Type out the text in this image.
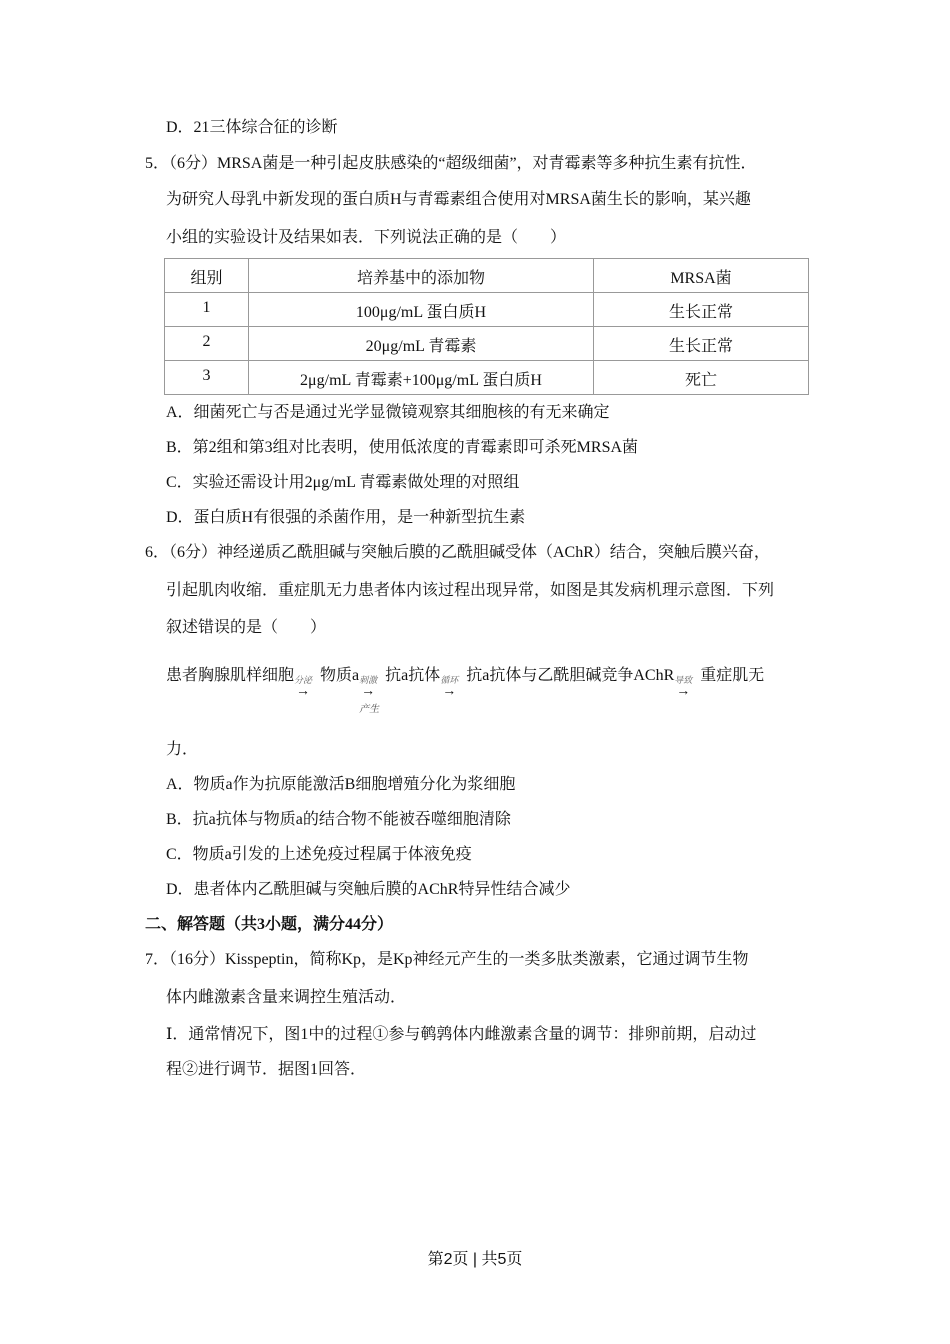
D．21三体综合征的诊断
5．（6分）MRSA菌是一种引起皮肤感染的“超级细菌”，对青霉素等多种抗生素有抗性．
为研究人母乳中新发现的蛋白质H与青霉素组合使用对MRSA菌生长的影响，某兴趣
小组的实验设计及结果如表．下列说法正确的是（　　）
组别	培养基中的添加物	MRSA菌
1	100μg/mL 蛋白质H	生长正常
2	20μg/mL 青霉素	生长正常
3	2μg/mL 青霉素+100μg/mL 蛋白质H	死亡
A．细菌死亡与否是通过光学显微镜观察其细胞核的有无来确定
B．第2组和第3组对比表明，使用低浓度的青霉素即可杀死MRSA菌
C．实验还需设计用2μg/mL 青霉素做处理的对照组
D．蛋白质H有很强的杀菌作用，是一种新型抗生素
6．（6分）神经递质乙酰胆碱与突触后膜的乙酰胆碱受体（AChR）结合，突触后膜兴奋，
引起肌肉收缩．重症肌无力患者体内该过程出现异常，如图是其发病机理示意图．下列
叙述错误的是（　　）
患者胸腺肌样细胞 分泌
→
物质a 刺激
→
产生
抗a抗体 循环
→
抗a抗体与乙酰胆碱竞争AChR 导致
→
重症肌无
力．
A．物质a作为抗原能激活B细胞增殖分化为浆细胞
B．抗a抗体与物质a的结合物不能被吞噬细胞清除
C．物质a引发的上述免疫过程属于体液免疫
D．患者体内乙酰胆碱与突触后膜的AChR特异性结合减少
二、解答题（共3小题，满分44分）
7．（16分）Kisspeptin，简称Kp，是Kp神经元产生的一类多肽类激素，它通过调节生物
体内雌激素含量来调控生殖活动．
Ⅰ．通常情况下，图1中的过程①参与鹌鹑体内雌激素含量的调节：排卵前期，启动过
程②进行调节．据图1回答．
第2页 | 共5页
